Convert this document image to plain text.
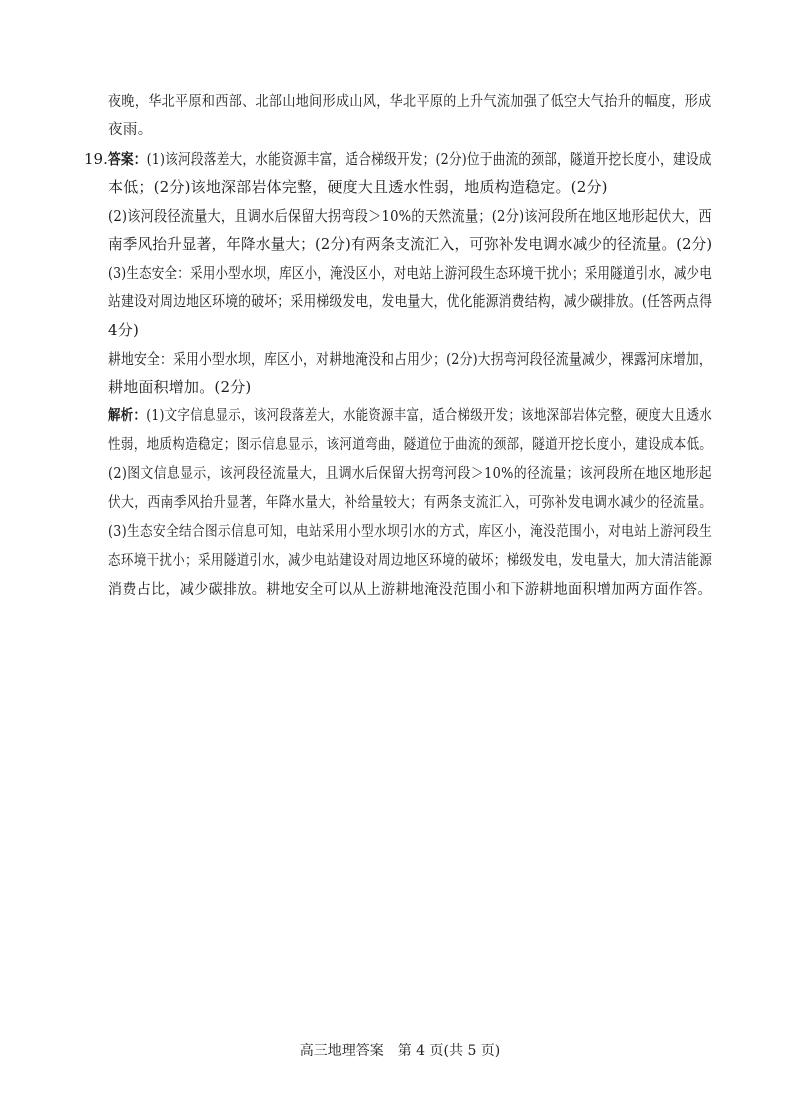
夜晚，华北平原和西部、北部山地间形成山风，华北平原的上升气流加强了低空大气抬升的幅度，形成
夜雨。
19. 答案：(1)该河段落差大，水能资源丰富，适合梯级开发；(2分)位于曲流的颈部，隧道开挖长度小，建设成
本低；(2分)该地深部岩体完整，硬度大且透水性弱，地质构造稳定。(2分)
(2)该河段径流量大，且调水后保留大拐弯段＞10%的天然流量；(2分)该河段所在地区地形起伏大，西
南季风抬升显著，年降水量大；(2分)有两条支流汇入，可弥补发电调水减少的径流量。(2分)
(3)生态安全：采用小型水坝，库区小，淹没区小，对电站上游河段生态环境干扰小；采用隧道引水，减少电
站建设对周边地区环境的破坏；采用梯级发电，发电量大，优化能源消费结构，减少碳排放。(任答两点得
4分)
耕地安全：采用小型水坝，库区小，对耕地淹没和占用少；(2分)大拐弯河段径流量减少，裸露河床增加，
耕地面积增加。(2分)
解析：(1)文字信息显示，该河段落差大，水能资源丰富，适合梯级开发；该地深部岩体完整，硬度大且透水
性弱，地质构造稳定；图示信息显示，该河道弯曲，隧道位于曲流的颈部，隧道开挖长度小，建设成本低。
(2)图文信息显示，该河段径流量大，且调水后保留大拐弯河段＞10%的径流量；该河段所在地区地形起
伏大，西南季风抬升显著，年降水量大，补给量较大；有两条支流汇入，可弥补发电调水减少的径流量。
(3)生态安全结合图示信息可知，电站采用小型水坝引水的方式，库区小，淹没范围小，对电站上游河段生
态环境干扰小；采用隧道引水，减少电站建设对周边地区环境的破坏；梯级发电，发电量大，加大清洁能源
消费占比，减少碳排放。耕地安全可以从上游耕地淹没范围小和下游耕地面积增加两方面作答。
高三地理答案　第 4 页(共 5 页)
